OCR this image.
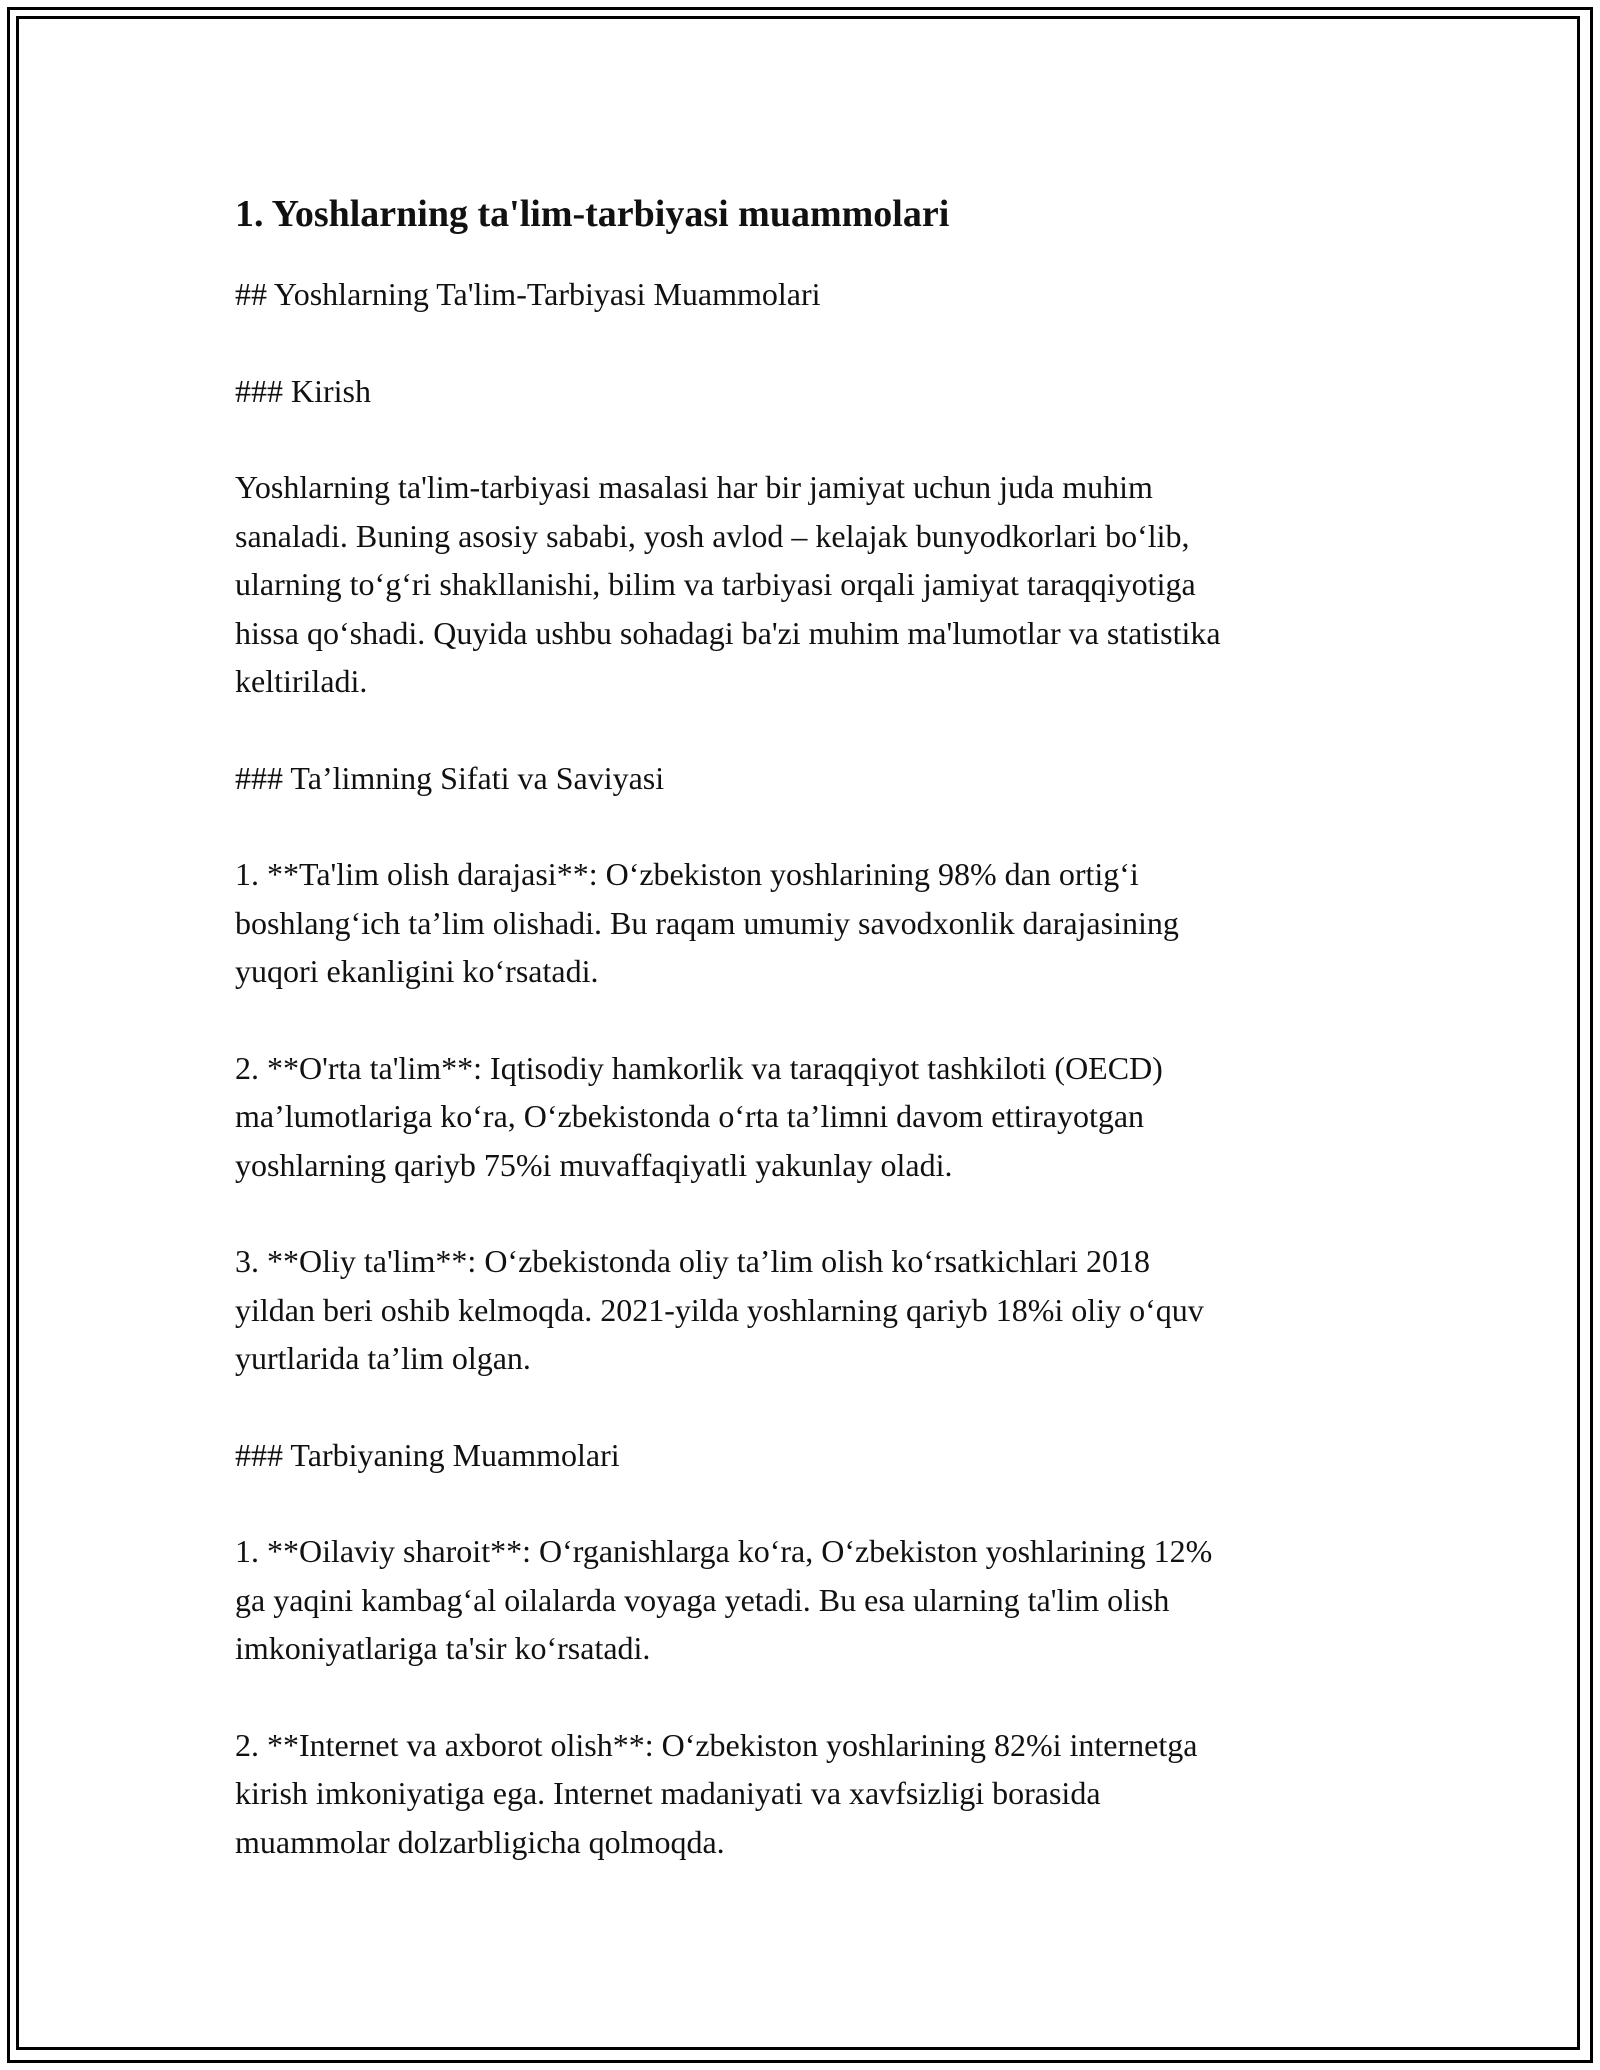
1. Yoshlarning ta'lim-tarbiyasi muammolari
## Yoshlarning Ta'lim-Tarbiyasi Muammolari
### Kirish
Yoshlarning ta'lim-tarbiyasi masalasi har bir jamiyat uchun juda muhim
sanaladi. Buning asosiy sababi, yosh avlod – kelajak bunyodkorlari boʻlib,
ularning toʻgʻri shakllanishi, bilim va tarbiyasi orqali jamiyat taraqqiyotiga
hissa qoʻshadi. Quyida ushbu sohadagi ba'zi muhim ma'lumotlar va statistika
keltiriladi.
### Taʼlimning Sifati va Saviyasi
1. **Ta'lim olish darajasi**: Oʻzbekiston yoshlarining 98% dan ortigʻi
boshlangʻich taʼlim olishadi. Bu raqam umumiy savodxonlik darajasining
yuqori ekanligini koʻrsatadi.
2. **O'rta ta'lim**: Iqtisodiy hamkorlik va taraqqiyot tashkiloti (OECD)
maʼlumotlariga koʻra, Oʻzbekistonda oʻrta taʼlimni davom ettirayotgan
yoshlarning qariyb 75%i muvaffaqiyatli yakunlay oladi.
3. **Oliy ta'lim**: Oʻzbekistonda oliy taʼlim olish koʻrsatkichlari 2018
yildan beri oshib kelmoqda. 2021-yilda yoshlarning qariyb 18%i oliy oʻquv
yurtlarida taʼlim olgan.
### Tarbiyaning Muammolari
1. **Oilaviy sharoit**: Oʻrganishlarga koʻra, Oʻzbekiston yoshlarining 12%
ga yaqini kambagʻal oilalarda voyaga yetadi. Bu esa ularning ta'lim olish
imkoniyatlariga ta'sir koʻrsatadi.
2. **Internet va axborot olish**: Oʻzbekiston yoshlarining 82%i internetga
kirish imkoniyatiga ega. Internet madaniyati va xavfsizligi borasida
muammolar dolzarbligicha qolmoqda.
